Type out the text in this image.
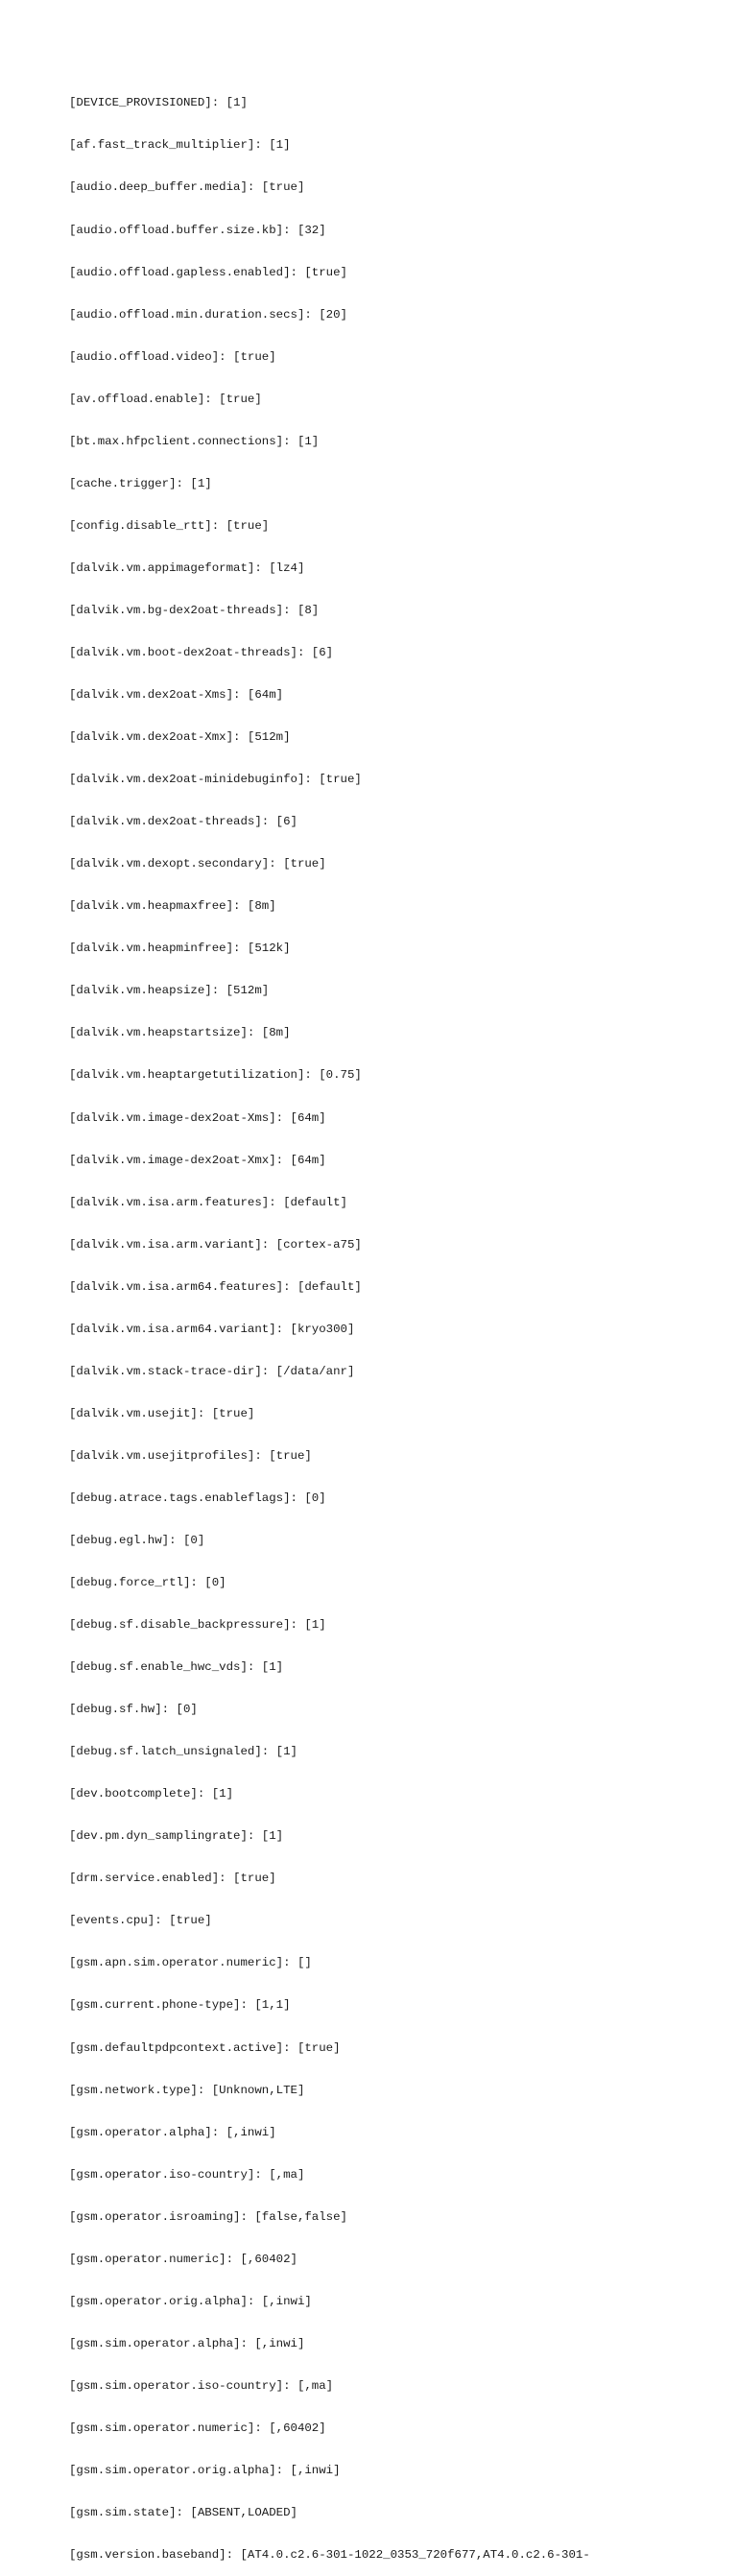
[DEVICE_PROVISIONED]: [1]

[af.fast_track_multiplier]: [1]

[audio.deep_buffer.media]: [true]

[audio.offload.buffer.size.kb]: [32]

[audio.offload.gapless.enabled]: [true]

[audio.offload.min.duration.secs]: [20]

[audio.offload.video]: [true]

[av.offload.enable]: [true]

[bt.max.hfpclient.connections]: [1]

[cache.trigger]: [1]

[config.disable_rtt]: [true]

[dalvik.vm.appimageformat]: [lz4]

[dalvik.vm.bg-dex2oat-threads]: [8]

[dalvik.vm.boot-dex2oat-threads]: [6]

[dalvik.vm.dex2oat-Xms]: [64m]

[dalvik.vm.dex2oat-Xmx]: [512m]

[dalvik.vm.dex2oat-minidebuginfo]: [true]

[dalvik.vm.dex2oat-threads]: [6]

[dalvik.vm.dexopt.secondary]: [true]

[dalvik.vm.heapmaxfree]: [8m]

[dalvik.vm.heapminfree]: [512k]

[dalvik.vm.heapsize]: [512m]

[dalvik.vm.heapstartsize]: [8m]

[dalvik.vm.heaptargetutilization]: [0.75]

[dalvik.vm.image-dex2oat-Xms]: [64m]

[dalvik.vm.image-dex2oat-Xmx]: [64m]

[dalvik.vm.isa.arm.features]: [default]

[dalvik.vm.isa.arm.variant]: [cortex-a75]

[dalvik.vm.isa.arm64.features]: [default]

[dalvik.vm.isa.arm64.variant]: [kryo300]

[dalvik.vm.stack-trace-dir]: [/data/anr]

[dalvik.vm.usejit]: [true]

[dalvik.vm.usejitprofiles]: [true]

[debug.atrace.tags.enableflags]: [0]

[debug.egl.hw]: [0]

[debug.force_rtl]: [0]

[debug.sf.disable_backpressure]: [1]

[debug.sf.enable_hwc_vds]: [1]

[debug.sf.hw]: [0]

[debug.sf.latch_unsignaled]: [1]

[dev.bootcomplete]: [1]

[dev.pm.dyn_samplingrate]: [1]

[drm.service.enabled]: [true]

[events.cpu]: [true]

[gsm.apn.sim.operator.numeric]: []

[gsm.current.phone-type]: [1,1]

[gsm.defaultpdpcontext.active]: [true]

[gsm.network.type]: [Unknown,LTE]

[gsm.operator.alpha]: [,inwi]

[gsm.operator.iso-country]: [,ma]

[gsm.operator.isroaming]: [false,false]

[gsm.operator.numeric]: [,60402]

[gsm.operator.orig.alpha]: [,inwi]

[gsm.sim.operator.alpha]: [,inwi]

[gsm.sim.operator.iso-country]: [,ma]

[gsm.sim.operator.numeric]: [,60402]

[gsm.sim.operator.orig.alpha]: [,inwi]

[gsm.sim.state]: [ABSENT,LOADED]

[gsm.version.baseband]: [AT4.0.c2.6-301-1022_0353_720f677,AT4.0.c2.6-301-
